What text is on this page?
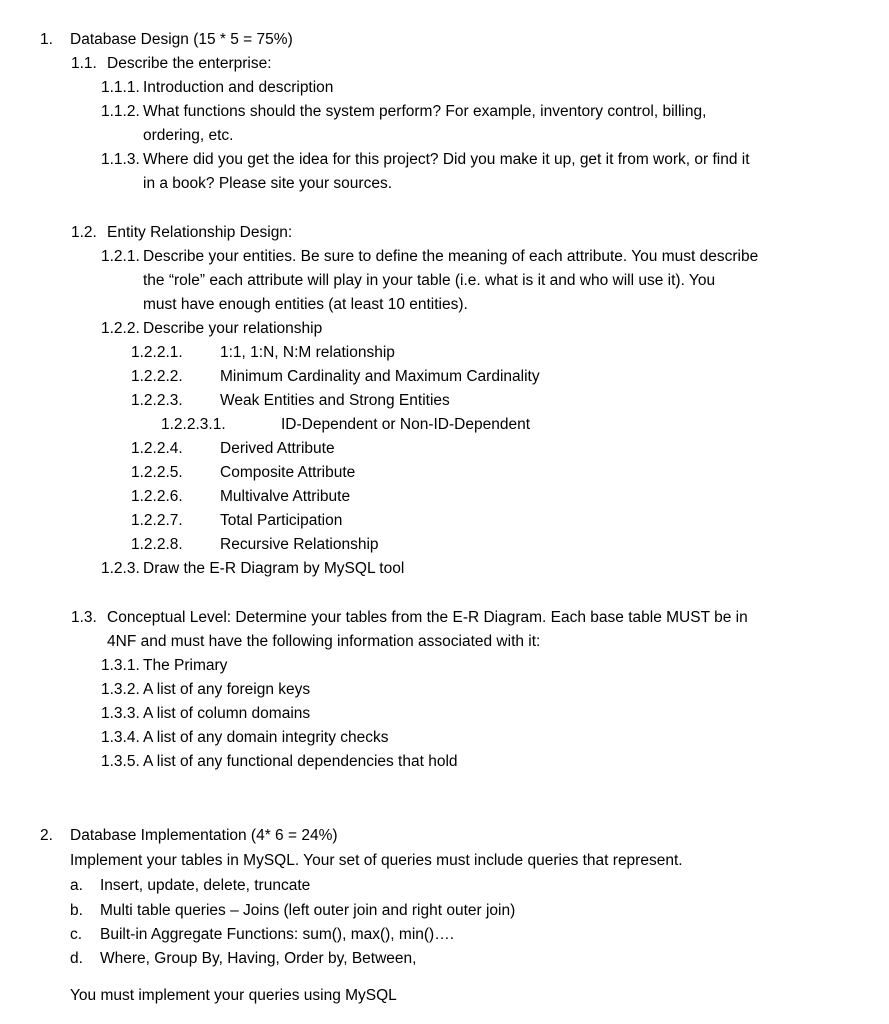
1. Database Design (15 * 5 = 75%)
1.1. Describe the enterprise:
1.1.1. Introduction and description
1.1.2. What functions should the system perform? For example, inventory control, billing,
ordering, etc.
1.1.3. Where did you get the idea for this project? Did you make it up, get it from work, or find it
in a book? Please site your sources.
1.2. Entity Relationship Design:
1.2.1. Describe your entities. Be sure to define the meaning of each attribute. You must describe
the “role” each attribute will play in your table (i.e. what is it and who will use it). You
must have enough entities (at least 10 entities).
1.2.2. Describe your relationship
1.2.2.1. 1:1, 1:N, N:M relationship
1.2.2.2. Minimum Cardinality and Maximum Cardinality
1.2.2.3. Weak Entities and Strong Entities
1.2.2.3.1.	ID-Dependent or Non-ID-Dependent
1.2.2.4. Derived Attribute
1.2.2.5. Composite Attribute
1.2.2.6. Multivalve Attribute
1.2.2.7. Total Participation
1.2.2.8. Recursive Relationship
1.2.3. Draw the E-R Diagram by MySQL tool
1.3. Conceptual Level: Determine your tables from the E-R Diagram. Each base table MUST be in
4NF and must have the following information associated with it:
1.3.1. The Primary
1.3.2. A list of any foreign keys
1.3.3. A list of column domains
1.3.4. A list of any domain integrity checks
1.3.5. A list of any functional dependencies that hold
2. Database Implementation (4* 6 = 24%)
Implement your tables in MySQL. Your set of queries must include queries that represent.
a. Insert, update, delete, truncate
b. Multi table queries – Joins (left outer join and right outer join)
c. Built-in Aggregate Functions: sum(), max(), min()….
d. Where, Group By, Having, Order by, Between,
You must implement your queries using MySQL
